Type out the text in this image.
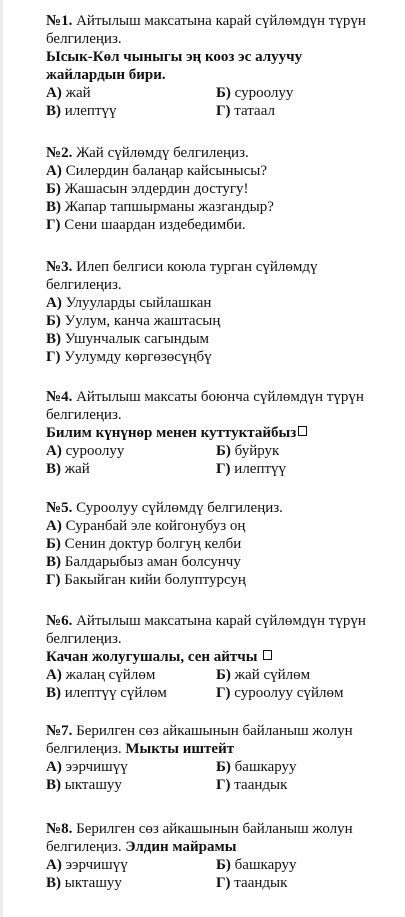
№1. Айтылыш максатына карай сүйлөмдүн түрүн
белгилеңиз.
Ысык-Көл чыныгы эң кооз эс алуучу
жайлардын бири.
А) жай	Б) суроолуу
В) илептүү	Г) татаал
№2. Жай сүйлөмдү белгилеңиз.
А) Силердин балаңар кайсынысы?
Б) Жашасын элдердин достугу!
В) Жапар тапшырманы жазгандыр?
Г) Сени шаардан издебедимби.
№3. Илеп белгиси коюла турган сүйлөмдү
белгилеңиз.
А) Улууларды сыйлашкан
Б) Уулум, канча жаштасың
В) Ушунчалык сагындым
Г) Уулумду көргөзөсүңбү
№4. Айтылыш максаты боюнча сүйлөмдүн түрүн
белгилеңиз.
Билим күнүнөр менен куттуктайбыз
А) суроолуу	Б) буйрук
В) жай	Г) илептүү
№5. Суроолуу сүйлөмдү белгилеңиз.
А) Суранбай эле койгонубуз оң
Б) Сенин доктур болгуң келби
В) Балдарыбыз аман болсунчу
Г) Бакыйган кийи болуптурсуң
№6. Айтылыш максатына карай сүйлөмдүн түрүн
белгилеңиз.
Качан жолугушалы, сен айтчы
А) жалаң сүйлөм	Б) жай сүйлөм
В) илептүү сүйлөм	Г) суроолуу сүйлөм
№7. Берилген сөз айкашынын байланыш жолун
белгилеңиз. Мыкты иштейт
А) ээрчишүү	Б) башкаруу
В) ыкташуу	Г) таандык
№8. Берилген сөз айкашынын байланыш жолун
белгилеңиз. Элдин майрамы
А) ээрчишүү	Б) башкаруу
В) ыкташуу	Г) таандык
